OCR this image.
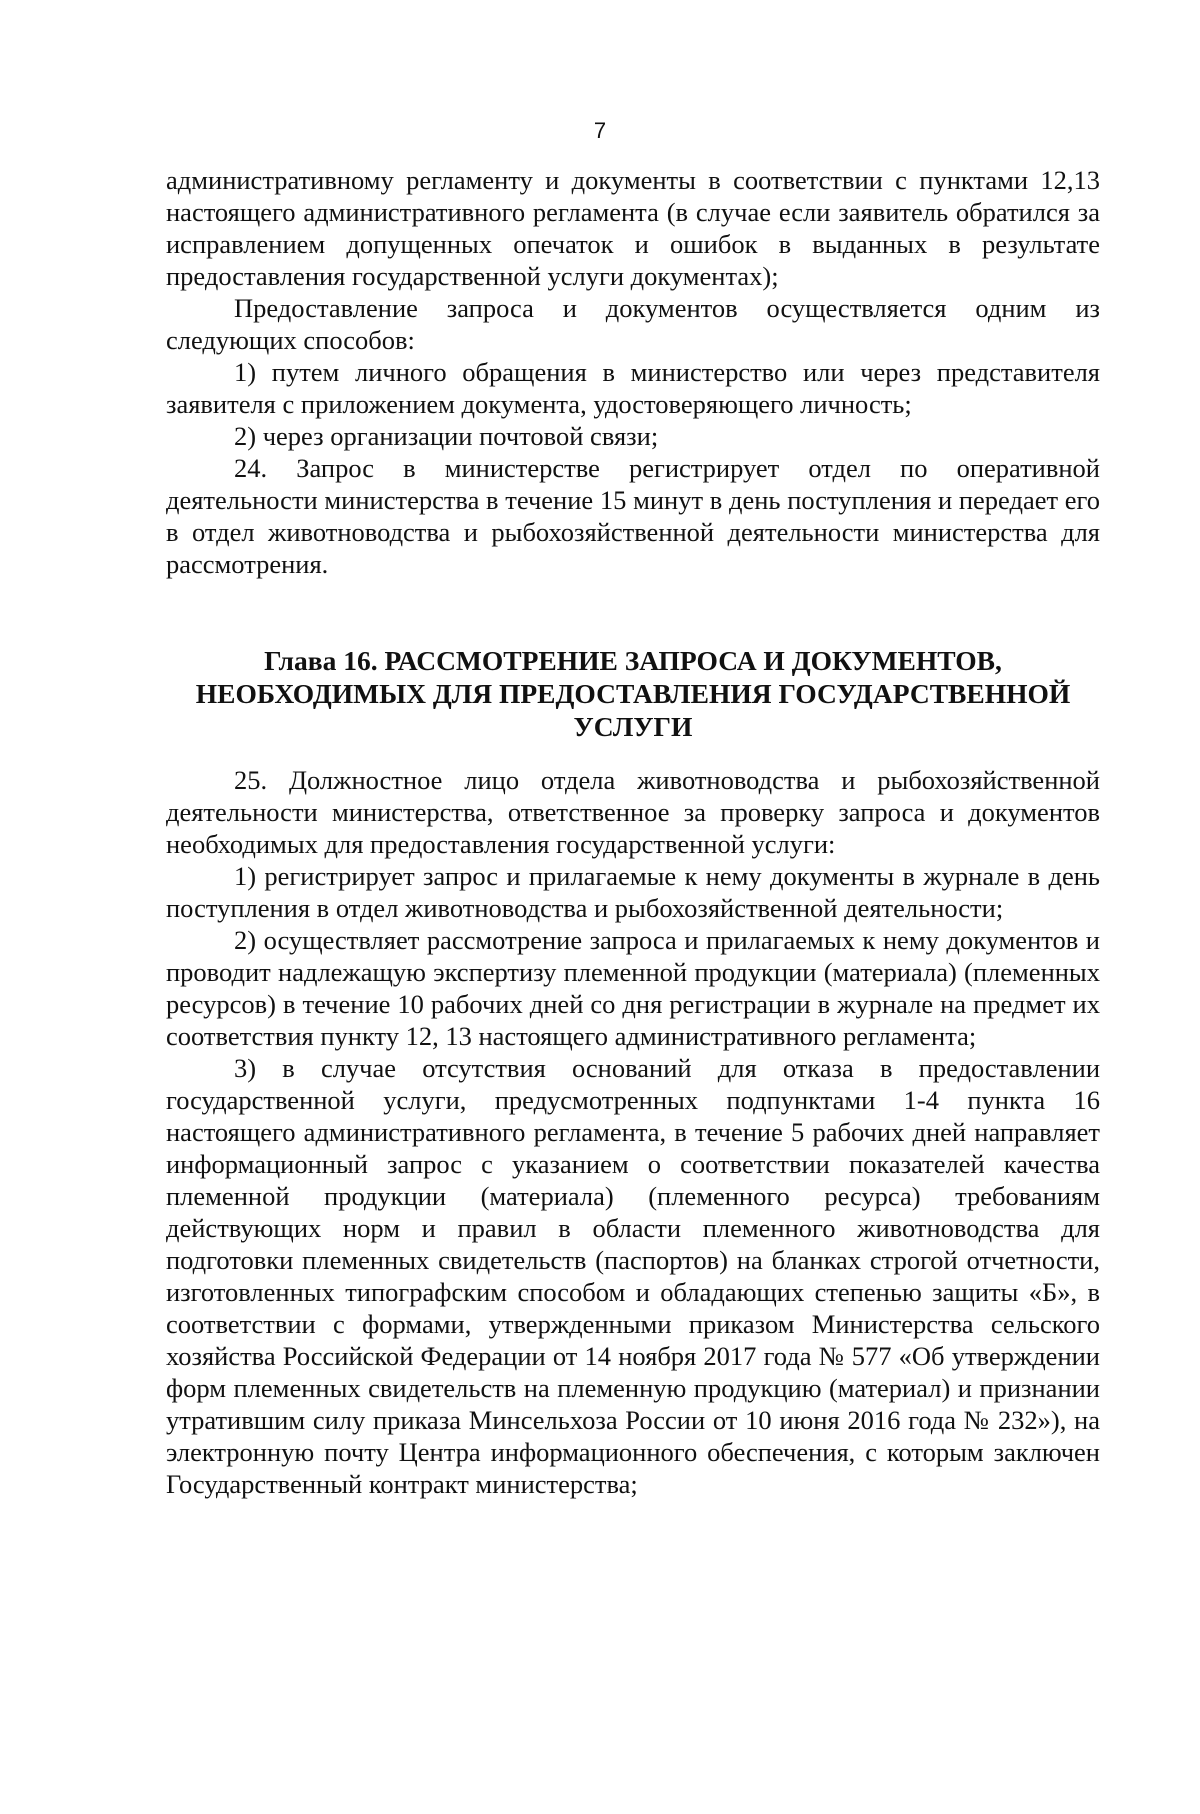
7

административному регламенту и документы в соответствии с пунктами 12,13 настоящего административного регламента (в случае если заявитель обратился за исправлением допущенных опечаток и ошибок в выданных в результате предоставления государственной услуги документах);

Предоставление запроса и документов осуществляется одним из следующих способов:

1) путем личного обращения в министерство или через представителя заявителя с приложением документа, удостоверяющего личность;

2) через организации почтовой связи;

24. Запрос в министерстве регистрирует отдел по оперативной деятельности министерства в течение 15 минут в день поступления и передает его в отдел животноводства и рыбохозяйственной деятельности министерства для рассмотрения.

Глава 16. РАССМОТРЕНИЕ ЗАПРОСА И ДОКУМЕНТОВ,
НЕОБХОДИМЫХ ДЛЯ ПРЕДОСТАВЛЕНИЯ ГОСУДАРСТВЕННОЙ
УСЛУГИ

25. Должностное лицо отдела животноводства и рыбохозяйственной деятельности министерства, ответственное за проверку запроса и документов необходимых для предоставления государственной услуги:

1) регистрирует запрос и прилагаемые к нему документы в журнале в день поступления в отдел животноводства и рыбохозяйственной деятельности;

2) осуществляет рассмотрение запроса и прилагаемых к нему документов и проводит надлежащую экспертизу племенной продукции (материала) (племенных ресурсов) в течение 10 рабочих дней со дня регистрации в журнале на предмет их соответствия пункту 12, 13 настоящего административного регламента;

3) в случае отсутствия оснований для отказа в предоставлении государственной услуги, предусмотренных подпунктами 1-4 пункта 16 настоящего административного регламента, в течение 5 рабочих дней направляет информационный запрос с указанием о соответствии показателей качества племенной продукции (материала) (племенного ресурса) требованиям действующих норм и правил в области племенного животноводства для подготовки племенных свидетельств (паспортов) на бланках строгой отчетности, изготовленных типографским способом и обладающих степенью защиты «Б», в соответствии с формами, утвержденными приказом Министерства сельского хозяйства Российской Федерации от 14 ноября 2017 года № 577 «Об утверждении форм племенных свидетельств на племенную продукцию (материал) и признании утратившим силу приказа Минсельхоза России от 10 июня 2016 года № 232»), на электронную почту Центра информационного обеспечения, с которым заключен Государственный контракт министерства;
